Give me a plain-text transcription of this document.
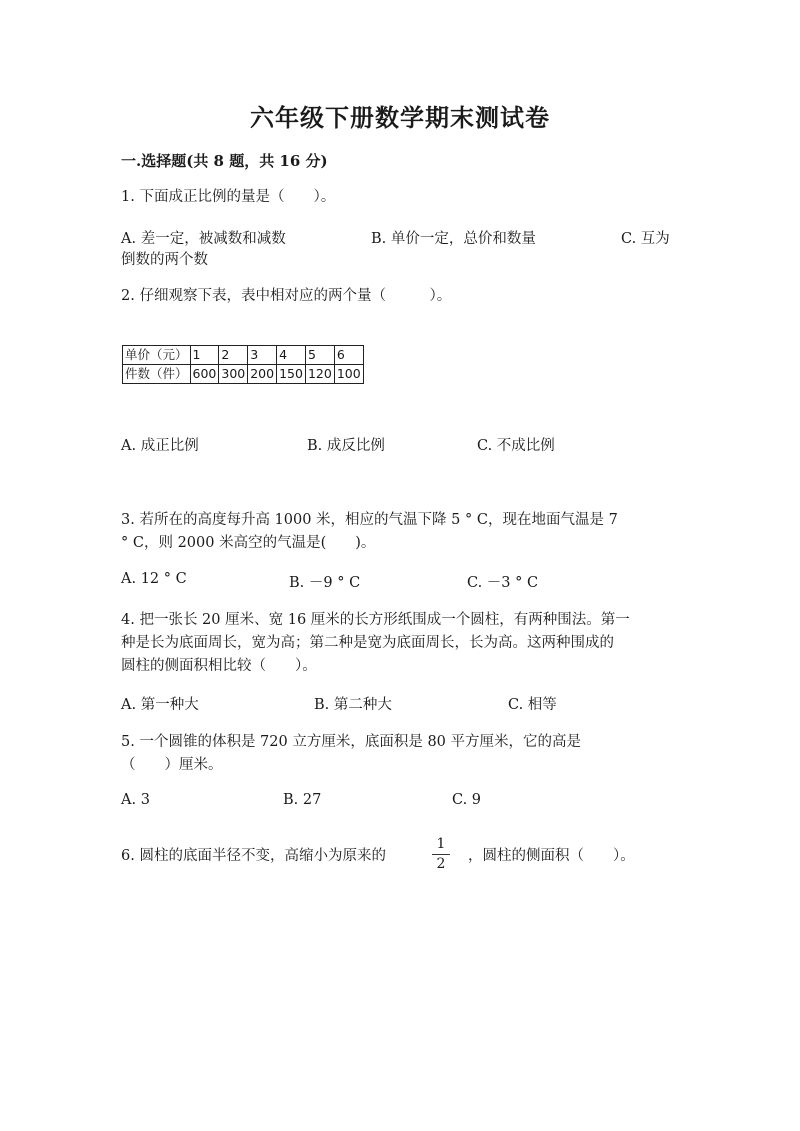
六年级下册数学期末测试卷
一.选择题(共 8 题，共 16 分)
1. 下面成正比例的量是（　　）。
A. 差一定，被减数和减数	B. 单价一定，总价和数量	C. 互为
倒数的两个数
2. 仔细观察下表，表中相对应的两个量（　　　）。
单价（元）	1	2	3	4	5	6
件数（件）	600	300	200	150	120	100
A. 成正比例	B. 成反比例	C. 不成比例
3. 若所在的高度每升高 1000 米，相应的气温下降 5 ° C，现在地面气温是 7
° C，则 2000 米高空的气温是(　　)。
A. 12 ° C	B. －9 ° C	C. －3 ° C
4. 把一张长 20 厘米、宽 16 厘米的长方形纸围成一个圆柱，有两种围法。第一
种是长为底面周长，宽为高；第二种是宽为底面周长，长为高。这两种围成的
圆柱的侧面积相比较（　　）。
A. 第一种大	B. 第二种大	C. 相等
5. 一个圆锥的体积是 720 立方厘米，底面积是 80 平方厘米，它的高是
（　　）厘米。
A. 3	B. 27	C. 9
6. 圆柱的底面半径不变，高缩小为原来的
1
2	，圆柱的侧面积（　　）。
